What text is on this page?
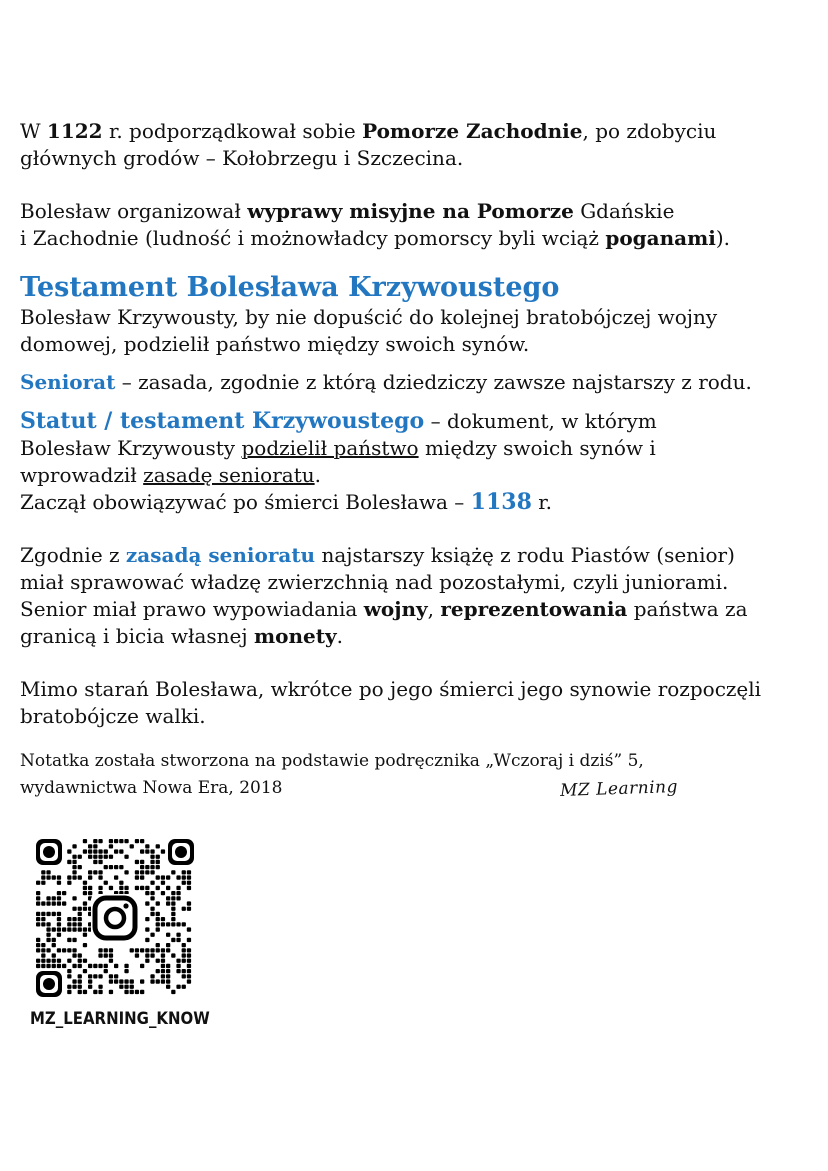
W 1122 r. podporządkował sobie Pomorze Zachodnie, po zdobyciu
głównych grodów – Kołobrzegu i Szczecina.

Bolesław organizował wyprawy misyjne na Pomorze Gdańskie
i Zachodnie (ludność i możnowładcy pomorscy byli wciąż poganami).

Testament Bolesława Krzywoustego

Bolesław Krzywousty, by nie dopuścić do kolejnej bratobójczej wojny
domowej, podzielił państwo między swoich synów.

Seniorat – zasada, zgodnie z którą dziedziczy zawsze najstarszy z rodu.

Statut / testament Krzywoustego – dokument, w którym
Bolesław Krzywousty podzielił państwo między swoich synów i
wprowadził zasadę senioratu.
Zaczął obowiązywać po śmierci Bolesława – 1138 r.

Zgodnie z zasadą senioratu najstarszy książę z rodu Piastów (senior)
miał sprawować władzę zwierzchnią nad pozostałymi, czyli juniorami.
Senior miał prawo wypowiadania wojny, reprezentowania państwa za
granicą i bicia własnej monety.

Mimo starań Bolesława, wkrótce po jego śmierci jego synowie rozpoczęli
bratobójcze walki.

Notatka została stworzona na podstawie podręcznika „Wczoraj i dziś” 5,
wydawnictwa Nowa Era, 2018	MZ Learning

MZ_LEARNING_KNOW
